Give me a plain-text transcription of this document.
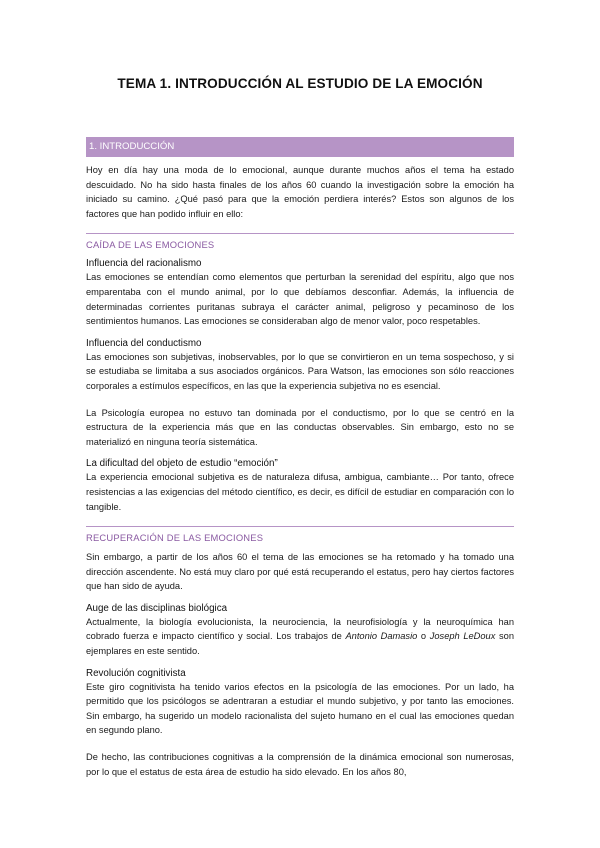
TEMA 1. INTRODUCCIÓN AL ESTUDIO DE LA EMOCIÓN
1. INTRODUCCIÓN

Hoy en día hay una moda de lo emocional, aunque durante muchos años el tema ha estado descuidado. No ha sido hasta finales de los años 60 cuando la investigación sobre la emoción ha iniciado su camino. ¿Qué pasó para que la emoción perdiera interés? Estos son algunos de los factores que han podido influir en ello:

CAÍDA DE LAS EMOCIONES
Influencia del racionalismo

Las emociones se entendían como elementos que perturban la serenidad del espíritu, algo que nos emparentaba con el mundo animal, por lo que debíamos desconfiar. Además, la influencia de determinadas corrientes puritanas subraya el carácter animal, peligroso y pecaminoso de los sentimientos humanos. Las emociones se consideraban algo de menor valor, poco respetables.

Influencia del conductismo

Las emociones son subjetivas, inobservables, por lo que se convirtieron en un tema sospechoso, y si se estudiaba se limitaba a sus asociados orgánicos. Para Watson, las emociones son sólo reacciones corporales a estímulos específicos, en las que la experiencia subjetiva no es esencial.

La Psicología europea no estuvo tan dominada por el conductismo, por lo que se centró en la estructura de la experiencia más que en las conductas observables. Sin embargo, esto no se materializó en ninguna teoría sistemática.

La dificultad del objeto de estudio “emoción”

La experiencia emocional subjetiva es de naturaleza difusa, ambigua, cambiante… Por tanto, ofrece resistencias a las exigencias del método científico, es decir, es difícil de estudiar en comparación con lo tangible.

RECUPERACIÓN DE LAS EMOCIONES

Sin embargo, a partir de los años 60 el tema de las emociones se ha retomado y ha tomado una dirección ascendente. No está muy claro por qué está recuperando el estatus, pero hay ciertos factores que han sido de ayuda.

Auge de las disciplinas biológica

Actualmente, la biología evolucionista, la neurociencia, la neurofisiología y la neuroquímica han cobrado fuerza e impacto científico y social. Los trabajos de Antonio Damasio o Joseph LeDoux son ejemplares en este sentido.

Revolución cognitivista

Este giro cognitivista ha tenido varios efectos en la psicología de las emociones. Por un lado, ha permitido que los psicólogos se adentraran a estudiar el mundo subjetivo, y por tanto las emociones. Sin embargo, ha sugerido un modelo racionalista del sujeto humano en el cual las emociones quedan en segundo plano.

De hecho, las contribuciones cognitivas a la comprensión de la dinámica emocional son numerosas, por lo que el estatus de esta área de estudio ha sido elevado. En los años 80,
